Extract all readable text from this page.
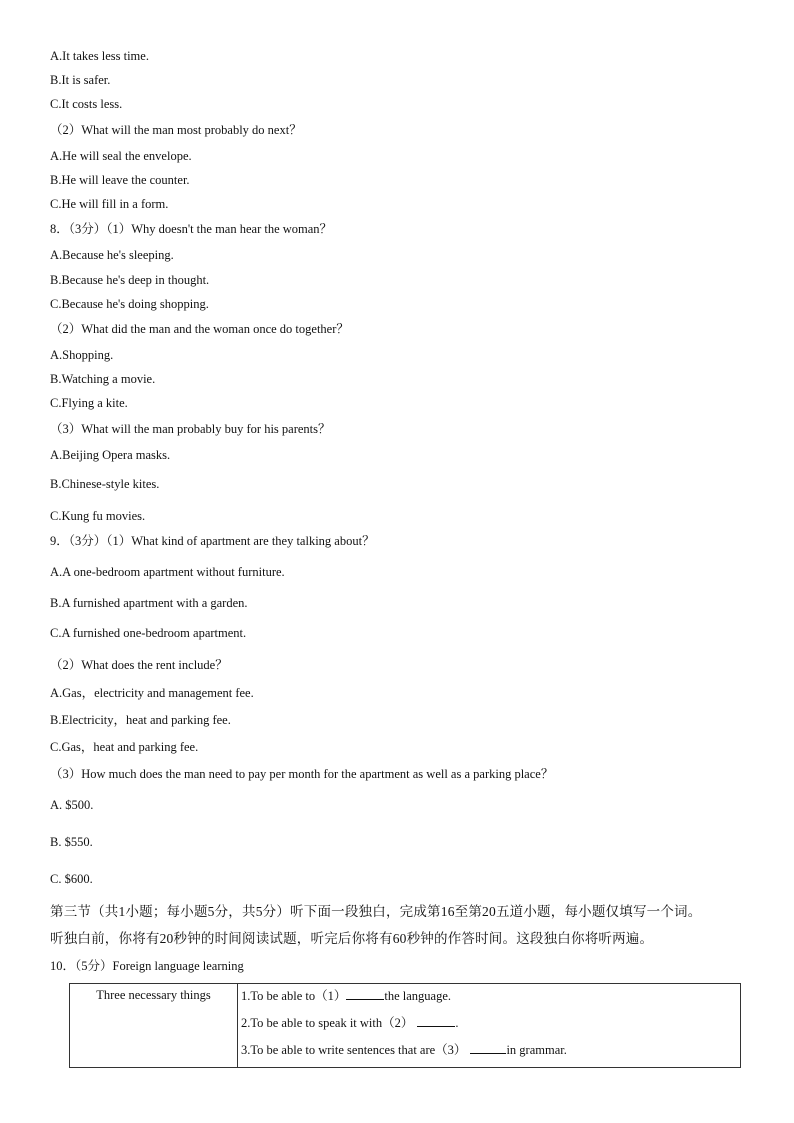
A.It takes less time.
B.It is safer.
C.It costs less.
（2）What will the man most probably do next？
A.He will seal the envelope.
B.He will leave the counter.
C.He will fill in a form.
8．（3分）（1）Why doesn't the man hear the woman？
A.Because he's sleeping.
B.Because he's deep in thought.
C.Because he's doing shopping.
（2）What did the man and the woman once do together？
A.Shopping.
B.Watching a movie.
C.Flying a kite.
（3）What will the man probably buy for his parents？
A.Beijing Opera masks.
B.Chinese-style kites.
C.Kung fu movies.
9．（3分）（1）What kind of apartment are they talking about？
A.A one-bedroom apartment without furniture.
B.A furnished apartment with a garden.
C.A furnished one-bedroom apartment.
（2）What does the rent include？
A.Gas，electricity and management fee.
B.Electricity，heat and parking fee.
C.Gas，heat and parking fee.
（3）How much does the man need to pay per month for the apartment as well as a parking place？
A. $500.
B. $550.
C. $600.
第三节（共1小题；每小题5分，共5分）听下面一段独白，完成第16至第20五道小题，每小题仅填写一个词。
听独白前，你将有20秒钟的时间阅读试题，听完后你将有60秒钟的作答时间。这段独白你将听两遍。
10．（5分）Foreign language learning
Three necessary things	1.To be able to（1）	the language.
2.To be able to speak it with（2）	.
3.To be able to write sentences that are（3）	in grammar.
